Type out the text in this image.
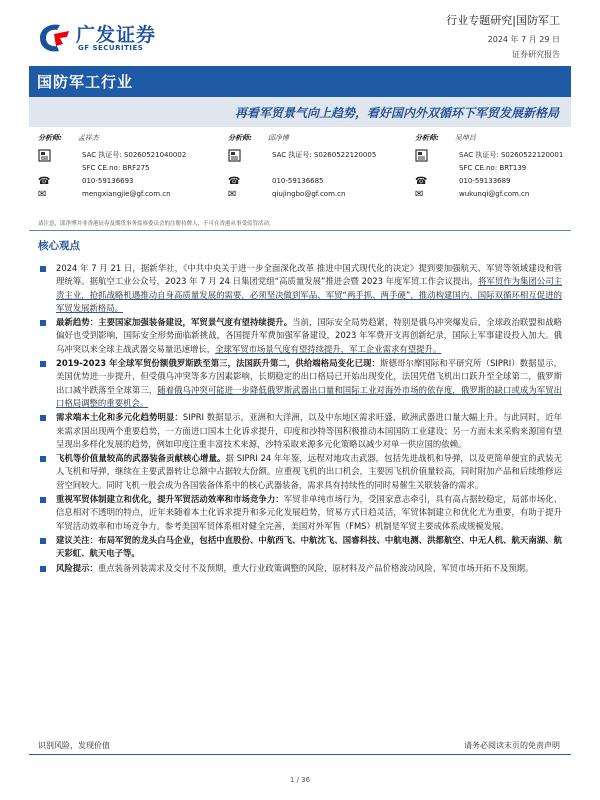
广发证券
GF SECURITIES
行业专题研究|国防军工
2024 年 7 月 29 日
证券研究报告
国防军工行业
再看军贸景气向上趋势，看好国内外双循环下军贸发展新格局
分析师: 孟祥杰
SAC 执证号: S0260521040002
SFC CE.no: BRF275
☎	010-59136693
✉	mengxiangjie@gf.com.cn
分析师: 邱净博
SAC 执证号: S0260522120005
☎	010-59136685
✉	qiujingbo@gf.com.cn
分析师: 吴坤昌
SAC 执证号: S0260522120001
SFC CE.no: BRT139
☎	010-59133689
✉	wukunqi@gf.com.cn
请注意，邱净博并非香港证券及期货事务监察委员会的注册持牌人，不可在香港从事受监管活动。
核心观点
2024 年 7 月 21 日，据新华社，《中共中央关于进一步全面深化改革 推进中国式现代化的决定》提到要加强航天、军贸等领域建设和管理统筹。据航空工业公众号，2023 年 7 月 24 日集团党组“高质量发展”推进会暨 2023 年度军贸工作会议提出，将军贸作为集团公司主责主业，抢抓战略机遇推动自身高质量发展的需要，必须坚决做到军品、军贸“两手抓、两手硬”，推动构建国内、国际双循环相互促进的军贸发展新格局。
最新趋势：主要国家加强装备建设，军贸景气度有望持续提升。当前，国际安全局势趋紧，特别是俄乌冲突爆发后，全球政治联盟和战略偏好也受到影响，国际安全形势面临新挑战，各国提升军费加强军备建设，2023 年军费开支再创新纪录，国际上军事建设投入加大。俄乌冲突以来全球主战武器交易量迅速增长，全球军贸市场景气度有望持续提升，军工企业需求有望提升。
2019-2023 年全球军贸份额俄罗斯跌至第三，法国跃升第二，供给端格局变化已现：斯德哥尔摩国际和平研究所（SIPRI）数据显示，美国优势进一步提升，但受俄乌冲突等多方因素影响，长期稳定的出口格局已开始出现变化，法国凭借飞机出口跃升至全球第二，俄罗斯出口减半跌落至全球第三，随着俄乌冲突可能进一步降低俄罗斯武器出口量和国际工业对海外市场的依存度，俄罗斯的缺口或成为军贸出口格局调整的重要机会。
需求端本土化和多元化趋势明显：SIPRI 数据显示，亚洲和大洋洲，以及中东地区需求旺盛，欧洲武器进口量大幅上升。与此同时，近年来需求国出现两个重要趋势，一方面进口国本土化诉求提升，印度和沙特等国积极推动本国国防工业建设；另一方面未来采购来源国有望呈现出多样化发展的趋势，例如印度注重丰富技术来源，沙特采取来源多元化策略以减少对单一供应国的依赖。
飞机等价值量较高的武器装备贡献核心增量。据 SIPRI 24 年年鉴，远程对地攻击武器，包括先进战机和导弹，以及更简单便宜的武装无人飞机和导弹，继续在主要武器转让总额中占据较大份额。应重视飞机的出口机会，主要因飞机价值量较高，同时附加产品和后续维修运营空间较大。同时飞机一般会成为各国装备体系中的核心武器装备，需求具有持续性的同时易催生关联装备的需求。
重视军贸体制建立和优化，提升军贸活动效率和市场竞争力：军贸非单纯市场行为，受国家意志牵引，具有高占据较稳定，局部市场化、信息相对不透明的特点，近年来随着本土化诉求提升和多元化发展趋势，贸易方式日趋灵活，军贸体制建立和优化尤为重要，有助于提升军贸活动效率和市场竞争力。参考美国军贸体系相对健全完善，美国对外军售（FMS）机制是军贸主要成体系成规模发展。
建议关注：布局军贸的龙头白马企业，包括中直股份、中航西飞、中航沈飞、国睿科技、中航电测、洪都航空、中无人机、航天南湖、航天彩虹、航天电子等。
风险提示：重点装备列装需求及交付不及预期，重大行业政策调整的风险，原材料及产品价格波动风险，军贸市场开拓不及预期。
识别风险，发现价值	请务必阅读末页的免责声明
1 / 36
